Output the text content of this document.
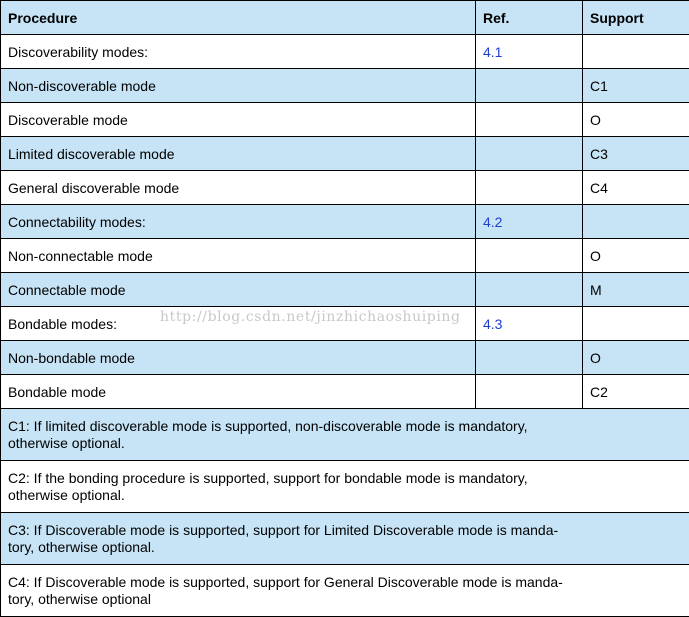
Procedure	Ref.	Support
Discoverability modes:	4.1	
Non-discoverable mode		C1
Discoverable mode		O
Limited discoverable mode		C3
General discoverable mode		C4
Connectability modes:	4.2	
Non-connectable mode		O
Connectable mode		M
Bondable modes:	4.3	
Non-bondable mode		O
Bondable mode		C2

C1: If limited discoverable mode is supported, non-discoverable mode is mandatory,
otherwise optional.		

C2: If the bonding procedure is supported, support for bondable mode is mandatory,
otherwise optional.		

C3: If Discoverable mode is supported, support for Limited Discoverable mode is manda-
tory, otherwise optional.		

C4: If Discoverable mode is supported, support for General Discoverable mode is manda-
tory, otherwise optional		
http://blog.csdn.net/jinzhichaoshuiping
